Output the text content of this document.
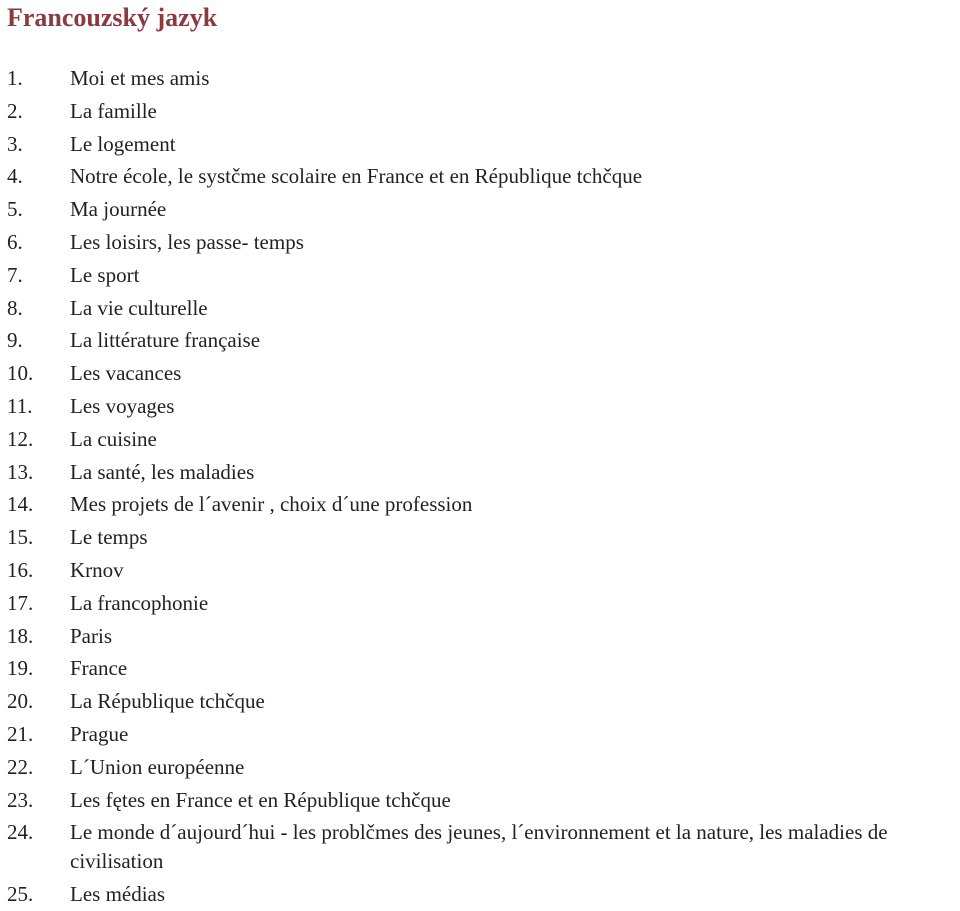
Francouzský jazyk
1.	Moi et mes amis
2.	La famille
3.	Le logement
4.	Notre école, le systčme scolaire en France et en République tchčque
5.	Ma journée
6.	Les loisirs, les passe- temps
7.	Le sport
8.	La vie culturelle
9.	La littérature française
10.	Les vacances
11.	Les voyages
12.	La cuisine
13.	La santé, les maladies
14.	Mes projets de l´avenir , choix d´une profession
15.	Le temps
16.	Krnov
17.	La francophonie
18.	Paris
19.	France
20.	La République tchčque
21.	Prague
22.	L´Union européenne
23.	Les fętes en France et en République tchčque
24.	Le monde d´aujourd´hui - les problčmes des jeunes, l´environnement et la nature, les maladies de civilisation
25.	Les médias
